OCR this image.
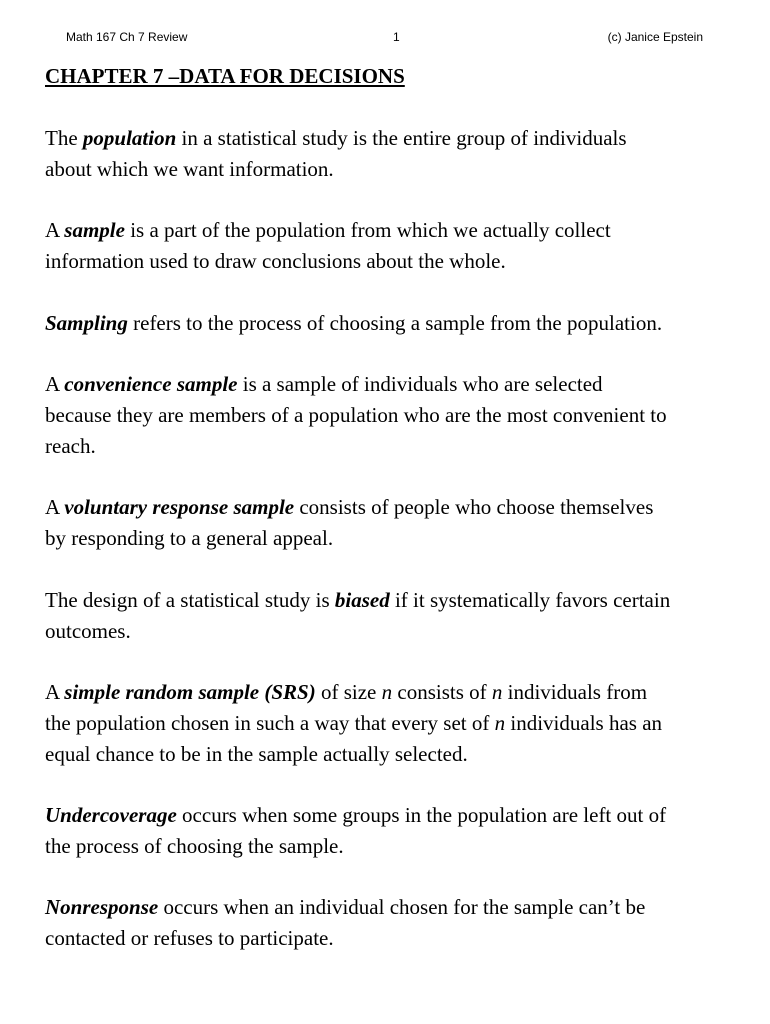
Math 167 Ch 7 Review	1	(c) Janice Epstein
CHAPTER 7 –DATA FOR DECISIONS
The population in a statistical study is the entire group of individuals
about which we want information.
A sample is a part of the population from which we actually collect
information used to draw conclusions about the whole.
Sampling refers to the process of choosing a sample from the population.
A convenience sample is a sample of individuals who are selected
because they are members of a population who are the most convenient to
reach.
A voluntary response sample consists of people who choose themselves
by responding to a general appeal.
The design of a statistical study is biased if it systematically favors certain
outcomes.
A simple random sample (SRS) of size n consists of n individuals from
the population chosen in such a way that every set of n individuals has an
equal chance to be in the sample actually selected.
Undercoverage occurs when some groups in the population are left out of
the process of choosing the sample.
Nonresponse occurs when an individual chosen for the sample can’t be
contacted or refuses to participate.
